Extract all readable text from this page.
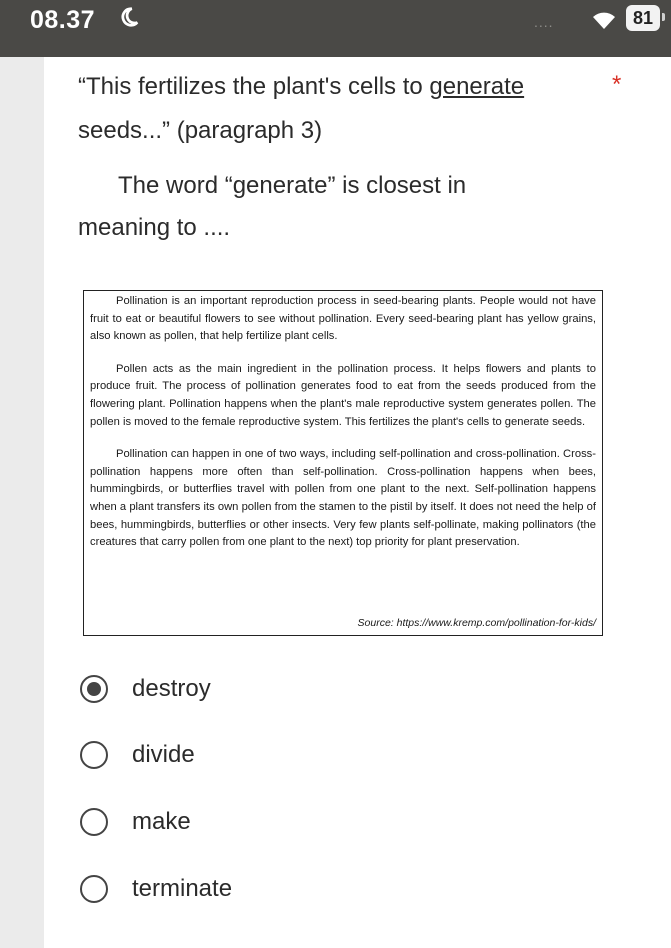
08.37	....	81
“This fertilizes the plant's cells to generate seeds...” (paragraph 3)
*
The word “generate” is closest in
meaning to ....

Pollination is an important reproduction process in seed-bearing plants. People would not have fruit to eat or beautiful flowers to see without pollination. Every seed-bearing plant has yellow grains, also known as pollen, that help fertilize plant cells.

Pollen acts as the main ingredient in the pollination process. It helps flowers and plants to produce fruit. The process of pollination generates food to eat from the seeds produced from the flowering plant. Pollination happens when the plant's male reproductive system generates pollen. The pollen is moved to the female reproductive system. This fertilizes the plant's cells to generate seeds.

Pollination can happen in one of two ways, including self-pollination and cross-pollination. Cross-pollination happens more often than self-pollination. Cross-pollination happens when bees, hummingbirds, or butterflies travel with pollen from one plant to the next. Self-pollination happens when a plant transfers its own pollen from the stamen to the pistil by itself. It does not need the help of bees, hummingbirds, butterflies or other insects. Very few plants self-pollinate, making pollinators (the creatures that carry pollen from one plant to the next) top priority for plant preservation.

Source: https://www.kremp.com/pollination-for-kids/
destroy
divide
make
terminate
